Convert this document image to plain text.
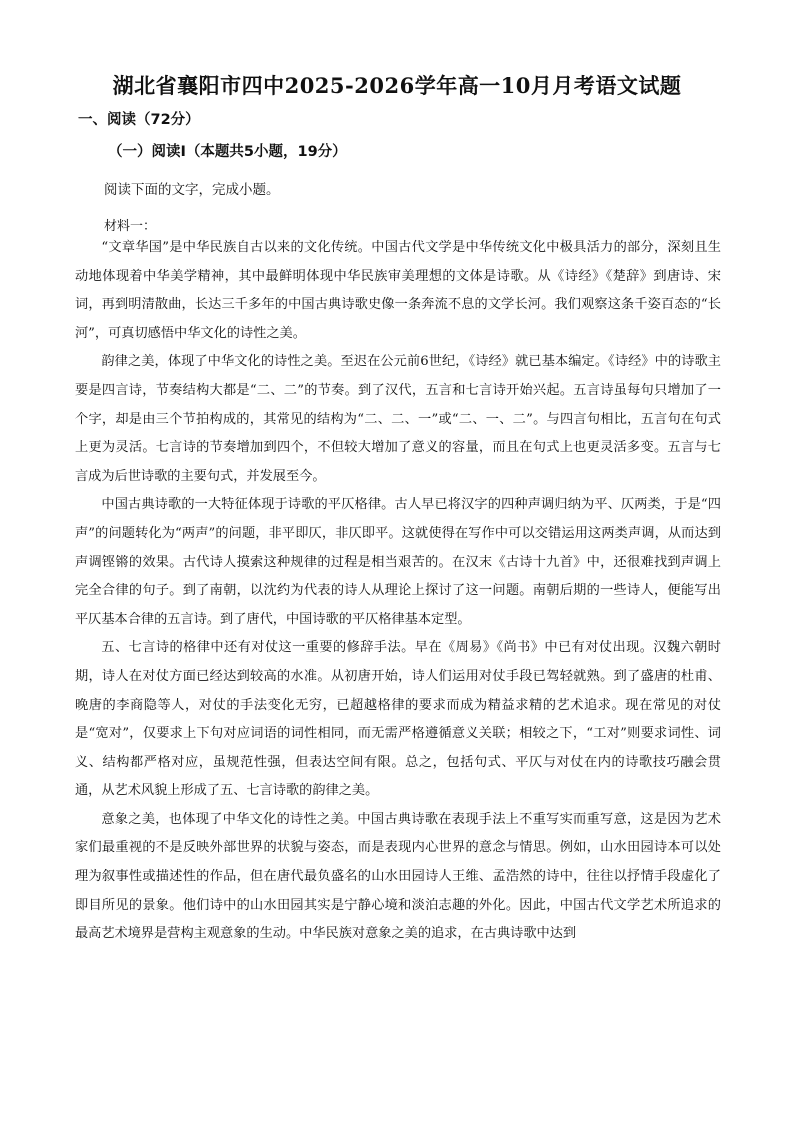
湖北省襄阳市四中2025-2026学年高一10月月考语文试题
一、阅读（72分）
（一）阅读Ⅰ（本题共5小题，19分）
阅读下面的文字，完成小题。
材料一：

“文章华国”是中华民族自古以来的文化传统。中国古代文学是中华传统文化中极具活力的部分，深刻且生动地体现着中华美学精神，其中最鲜明体现中华民族审美理想的文体是诗歌。从《诗经》《楚辞》到唐诗、宋词，再到明清散曲，长达三千多年的中国古典诗歌史像一条奔流不息的文学长河。我们观察这条千姿百态的“长河”，可真切感悟中华文化的诗性之美。

韵律之美，体现了中华文化的诗性之美。至迟在公元前6世纪，《诗经》就已基本编定。《诗经》中的诗歌主要是四言诗，节奏结构大都是“二、二”的节奏。到了汉代，五言和七言诗开始兴起。五言诗虽每句只增加了一个字，却是由三个节拍构成的，其常见的结构为“二、二、一”或“二、一、二”。与四言句相比，五言句在句式上更为灵活。七言诗的节奏增加到四个，不但较大增加了意义的容量，而且在句式上也更灵活多变。五言与七言成为后世诗歌的主要句式，并发展至今。

中国古典诗歌的一大特征体现于诗歌的平仄格律。古人早已将汉字的四种声调归纳为平、仄两类，于是“四声”的问题转化为“两声”的问题，非平即仄，非仄即平。这就使得在写作中可以交错运用这两类声调，从而达到声调铿锵的效果。古代诗人摸索这种规律的过程是相当艰苦的。在汉末《古诗十九首》中，还很难找到声调上完全合律的句子。到了南朝，以沈约为代表的诗人从理论上探讨了这一问题。南朝后期的一些诗人，便能写出平仄基本合律的五言诗。到了唐代，中国诗歌的平仄格律基本定型。

五、七言诗的格律中还有对仗这一重要的修辞手法。早在《周易》《尚书》中已有对仗出现。汉魏六朝时期，诗人在对仗方面已经达到较高的水准。从初唐开始，诗人们运用对仗手段已驾轻就熟。到了盛唐的杜甫、晚唐的李商隐等人，对仗的手法变化无穷，已超越格律的要求而成为精益求精的艺术追求。现在常见的对仗是“宽对”，仅要求上下句对应词语的词性相同，而无需严格遵循意义关联；相较之下，“工对”则要求词性、词义、结构都严格对应，虽规范性强，但表达空间有限。总之，包括句式、平仄与对仗在内的诗歌技巧融会贯通，从艺术风貌上形成了五、七言诗歌的韵律之美。

意象之美，也体现了中华文化的诗性之美。中国古典诗歌在表现手法上不重写实而重写意，这是因为艺术家们最重视的不是反映外部世界的状貌与姿态，而是表现内心世界的意念与情思。例如，山水田园诗本可以处理为叙事性或描述性的作品，但在唐代最负盛名的山水田园诗人王维、孟浩然的诗中，往往以抒情手段虚化了即目所见的景象。他们诗中的山水田园其实是宁静心境和淡泊志趣的外化。因此，中国古代文学艺术所追求的最高艺术境界是营构主观意象的生动。中华民族对意象之美的追求，在古典诗歌中达到
